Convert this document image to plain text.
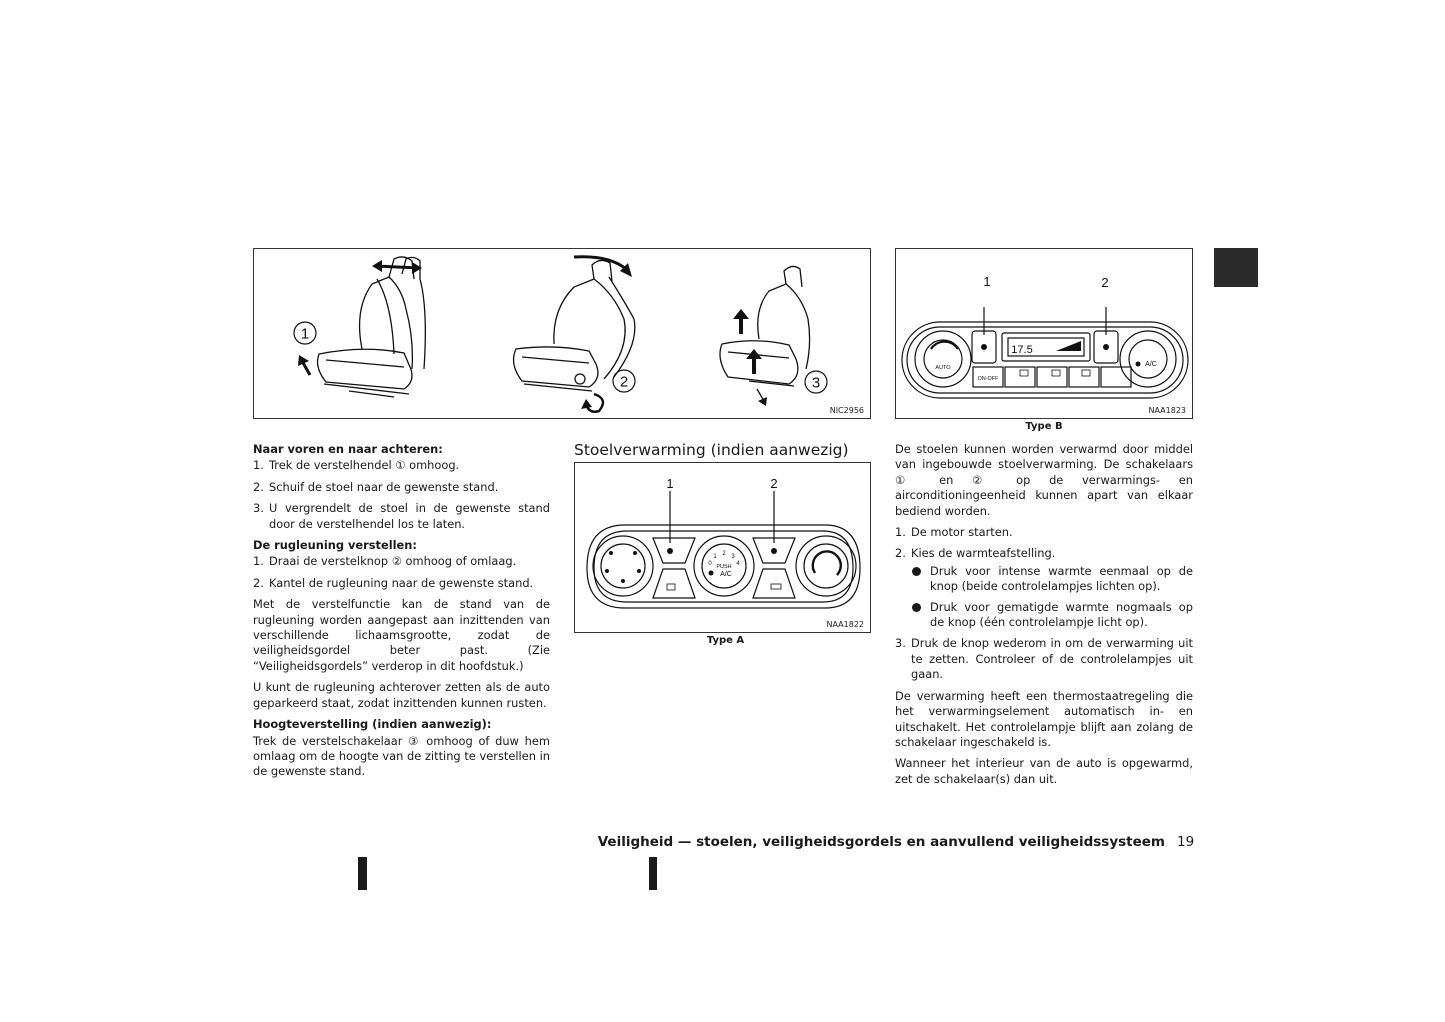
1
2	3
NIC2956
1	2
AUTO
ON-OFF
A/C
17.5
NAA1823
Type B

Naar voren en naar achteren:

1. Trek de verstelhendel ① omhoog.
2. Schuif de stoel naar de gewenste stand.
3. U vergrendelt de stoel in de gewenste stand door de verstelhendel los te laten.

De rugleuning verstellen:

1. Draai de verstelknop ② omhoog of omlaag.
2. Kantel de rugleuning naar de gewenste stand.

Met de verstelfunctie kan de stand van de rugleuning worden aangepast aan inzittenden van verschillende lichaamsgrootte, zodat de veiligheidsgordel beter past. (Zie “Veiligheidsgordels” verderop in dit hoofdstuk.)

U kunt de rugleuning achterover zetten als de auto geparkeerd staat, zodat inzittenden kunnen rusten.

Hoogteverstelling (indien aanwezig):

Trek de verstelschakelaar ③ omhoog of duw hem omlaag om de hoogte van de zitting te verstellen in de gewenste stand.

Stoelverwarming (indien aanwezig)
1	2
PUSH
A/C
1 2 3
0	4
NAA1822
Type A

De stoelen kunnen worden verwarmd door middel van ingebouwde stoelverwarming. De schakelaars ① en ② op de verwarmings- en airconditioningeenheid kunnen apart van elkaar bediend worden.

1. De motor starten.
2. Kies de warmteafstelling.
Druk voor intense warmte eenmaal op de knop (beide controlelampjes lichten op).
Druk voor gematigde warmte nogmaals op de knop (één controlelampje licht op).
3. Druk de knop wederom in om de verwarming uit te zetten. Controleer of de controlelampjes uit gaan.

De verwarming heeft een thermostaatregeling die het verwarmingselement automatisch in- en uitschakelt. Het controlelampje blijft aan zolang de schakelaar ingeschakeld is.

Wanneer het interieur van de auto is opgewarmd, zet de schakelaar(s) dan uit.

Veiligheid — stoelen, veiligheidsgordels en aanvullend veiligheidssysteem 19
